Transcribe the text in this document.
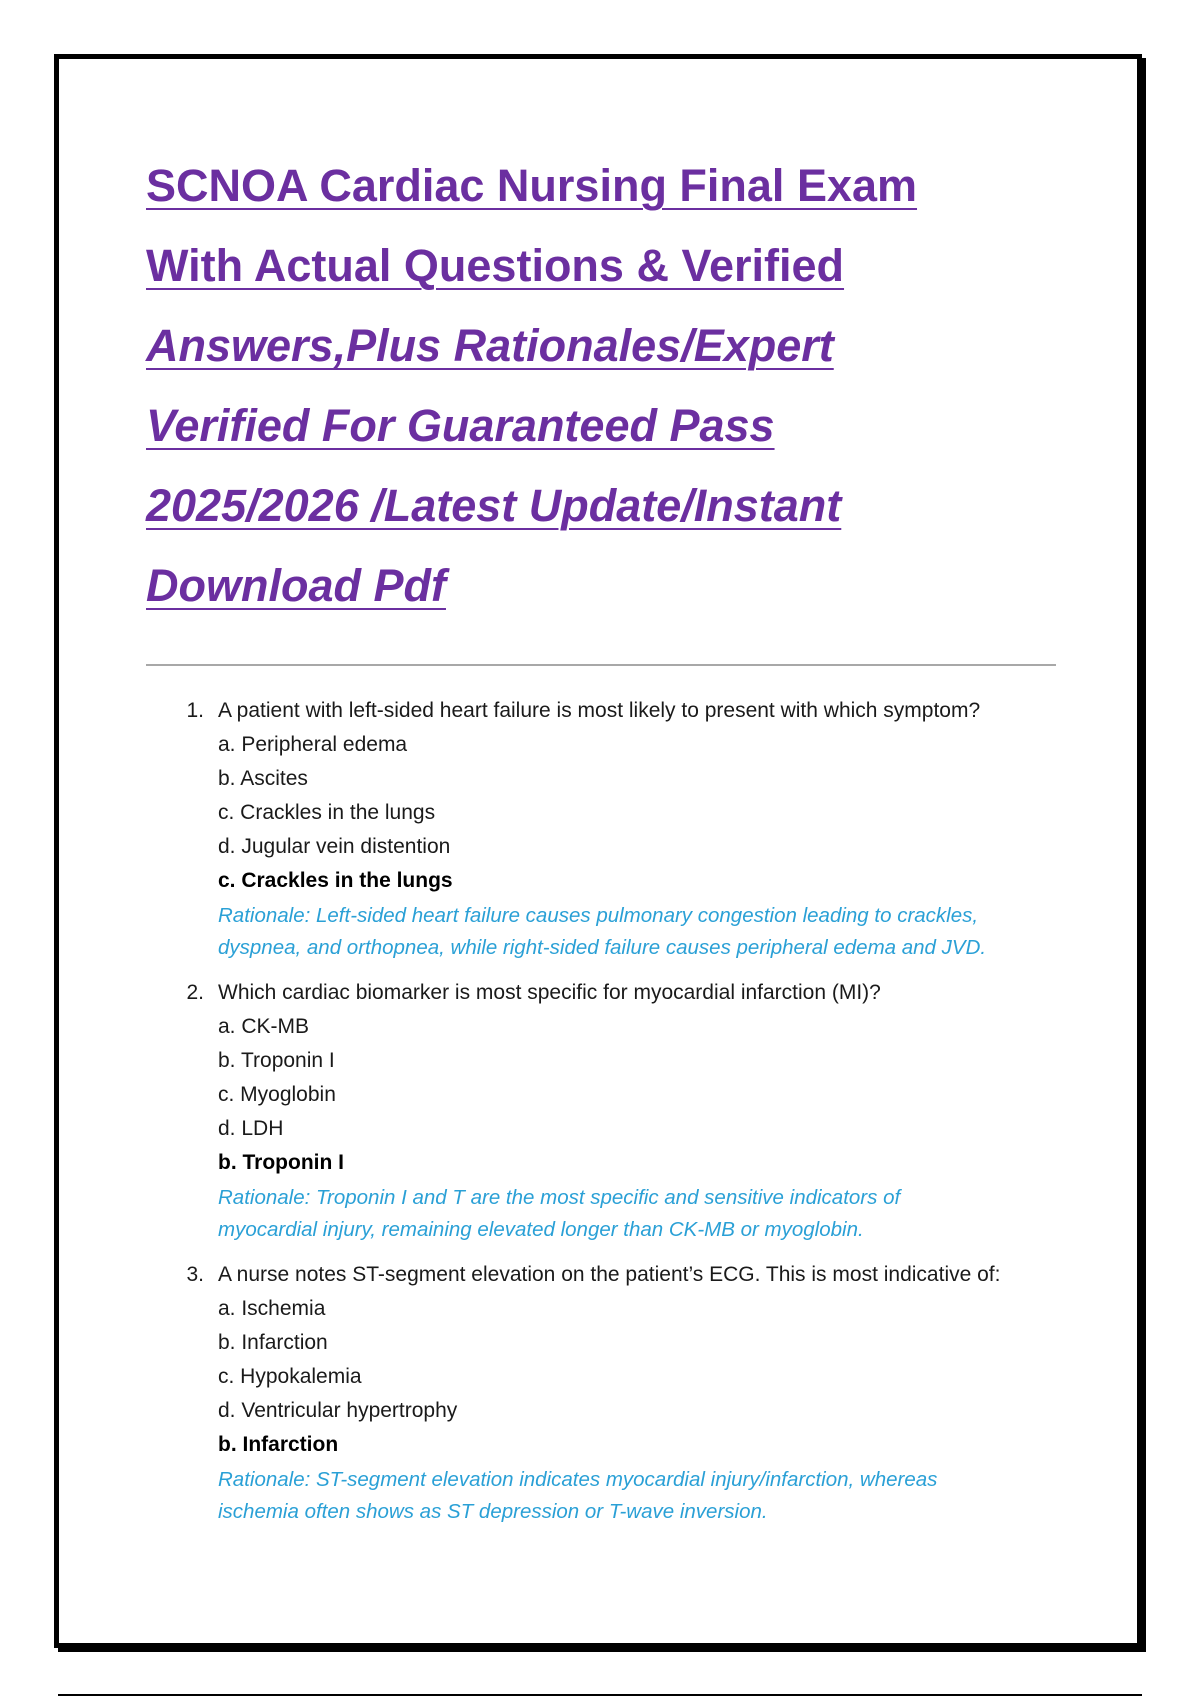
SCNOA Cardiac Nursing Final Exam
With Actual Questions & Verified
Answers,Plus Rationales/Expert
Verified For Guaranteed Pass
2025/2026 /Latest Update/Instant
Download Pdf
1. A patient with left-sided heart failure is most likely to present with which symptom?
a. Peripheral edema
b. Ascites
c. Crackles in the lungs
d. Jugular vein distention
c. Crackles in the lungs
Rationale: Left-sided heart failure causes pulmonary congestion leading to crackles,
dyspnea, and orthopnea, while right-sided failure causes peripheral edema and JVD.
2. Which cardiac biomarker is most specific for myocardial infarction (MI)?
a. CK-MB
b. Troponin I
c. Myoglobin
d. LDH
b. Troponin I
Rationale: Troponin I and T are the most specific and sensitive indicators of
myocardial injury, remaining elevated longer than CK-MB or myoglobin.
3. A nurse notes ST-segment elevation on the patient’s ECG. This is most indicative of:
a. Ischemia
b. Infarction
c. Hypokalemia
d. Ventricular hypertrophy
b. Infarction
Rationale: ST-segment elevation indicates myocardial injury/infarction, whereas
ischemia often shows as ST depression or T-wave inversion.
